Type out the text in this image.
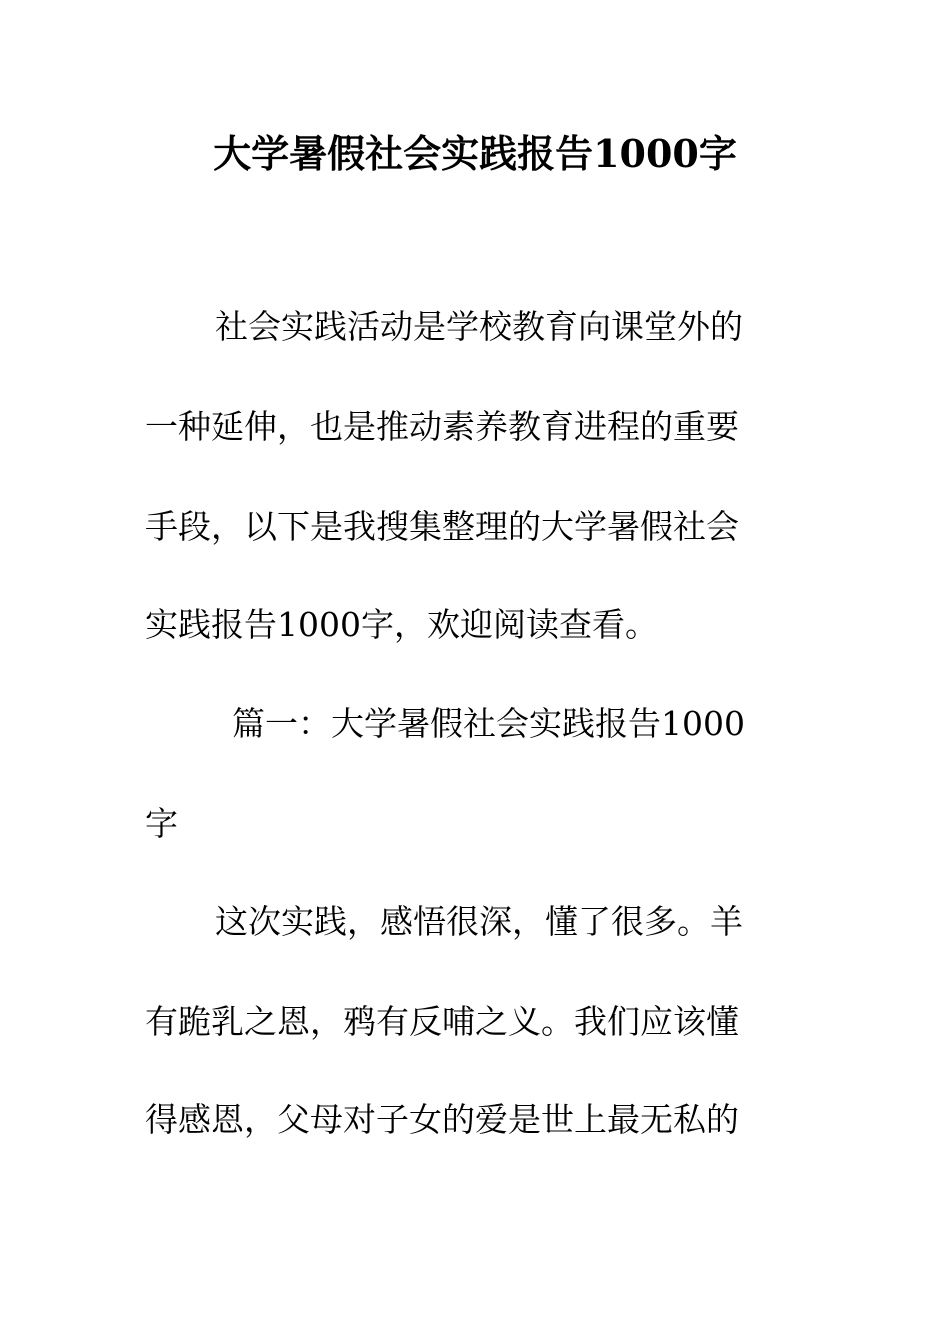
大学暑假社会实践报告1000字
社会实践活动是学校教育向课堂外的
一种延伸，也是推动素养教育进程的重要
手段，以下是我搜集整理的大学暑假社会
实践报告1000字，欢迎阅读查看。
篇一：大学暑假社会实践报告1000
字
这次实践，感悟很深，懂了很多。羊
有跪乳之恩，鸦有反哺之义。我们应该懂
得感恩，父母对子女的爱是世上最无私的
